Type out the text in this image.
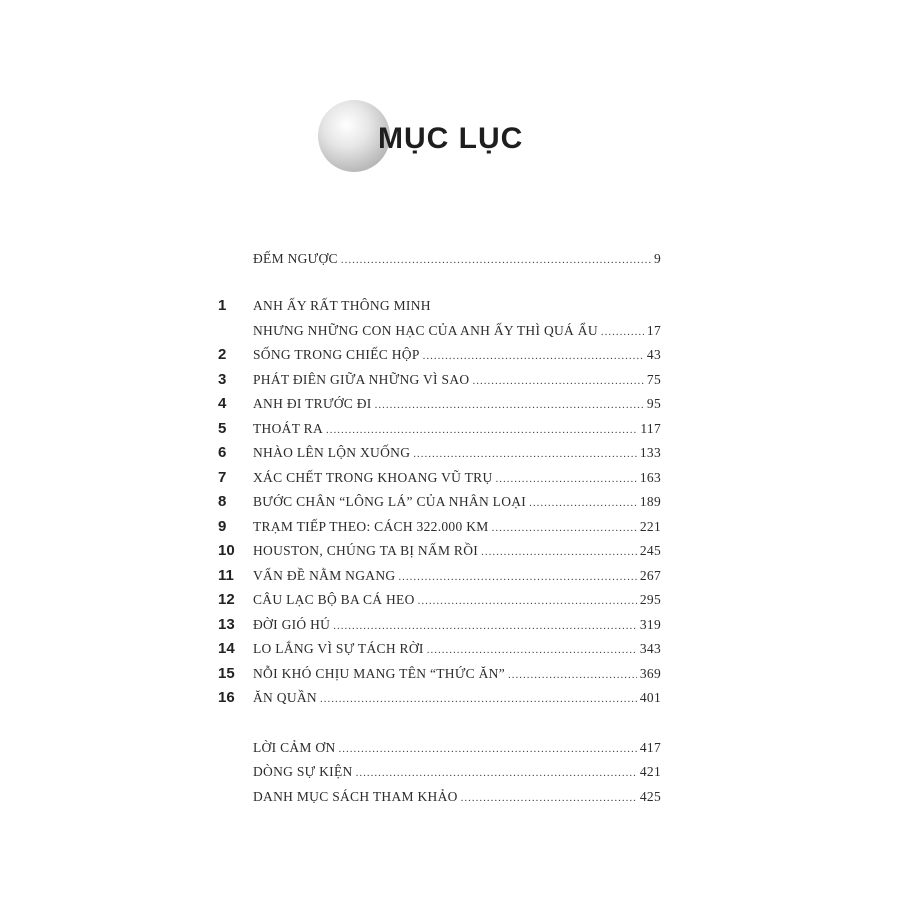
MỤC LỤC
ĐẾM NGƯỢC .....	9
1	ANH ẤY RẤT THÔNG MINH
NHƯNG NHỮNG CON HẠC CỦA ANH ẤY THÌ QUÁ ẨU .....	17
2	SỐNG TRONG CHIẾC HỘP .....	43
3	PHÁT ĐIÊN GIỮA NHỮNG VÌ SAO .....	75
4	ANH ĐI TRƯỚC ĐI .....	95
5	THOÁT RA .....	117
6	NHÀO LÊN LỘN XUỐNG .....	133
7	XÁC CHẾT TRONG KHOANG VŨ TRỤ .....	163
8	BƯỚC CHÂN “LÔNG LÁ” CỦA NHÂN LOẠI .....	189
9	TRẠM TIẾP THEO: CÁCH 322.000 KM .....	221
10	HOUSTON, CHÚNG TA BỊ NẤM RỒI .....	245
11	VẤN ĐỀ NẰM NGANG .....	267
12	CÂU LẠC BỘ BA CÁ HEO .....	295
13	ĐỜI GIÓ HÚ .....	319
14	LO LẮNG VÌ SỰ TÁCH RỜI .....	343
15	NỖI KHÓ CHỊU MANG TÊN “THỨC ĂN” .....	369
16	ĂN QUẦN .....	401
LỜI CẢM ƠN .....	417
DÒNG SỰ KIỆN .....	421
DANH MỤC SÁCH THAM KHẢO .....	425
